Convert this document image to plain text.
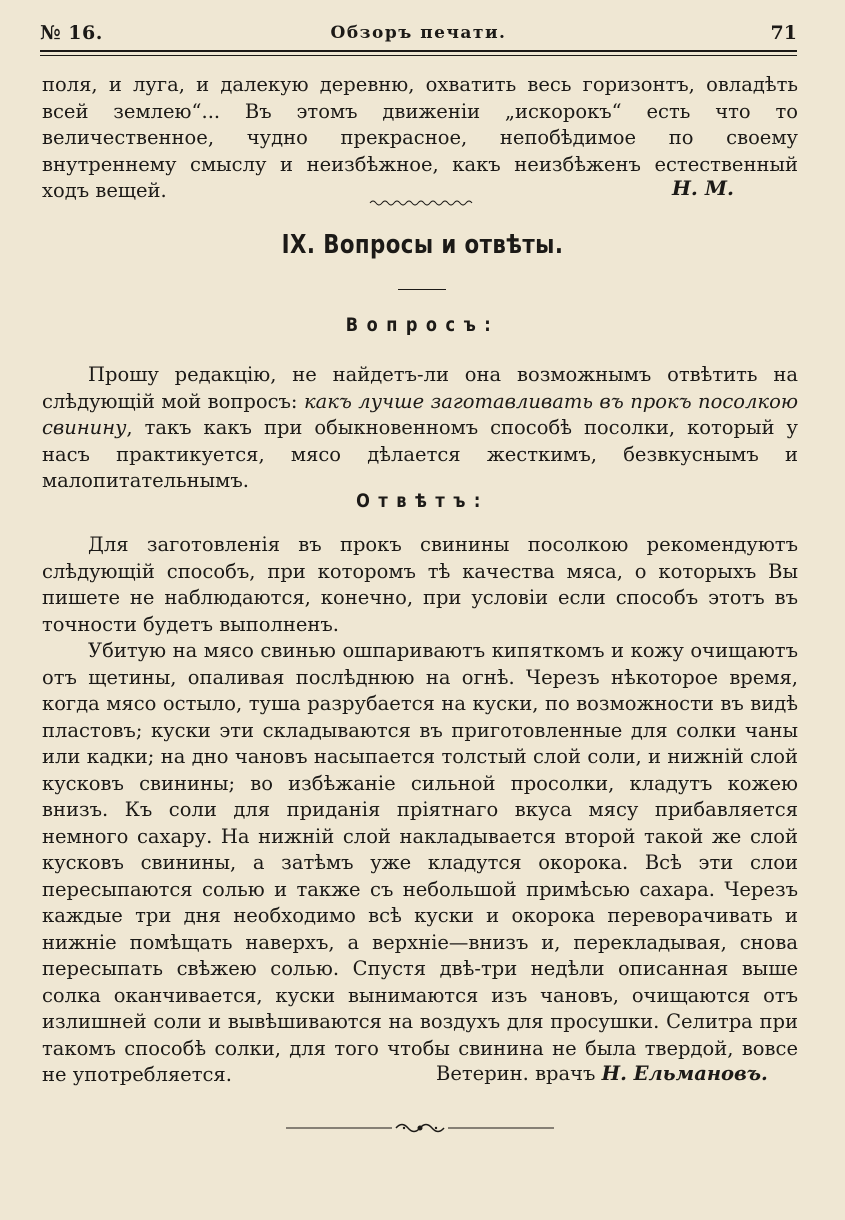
№ 16.	Обзоръ печати.	71

поля, и луга, и далекую деревню, охватить весь горизонтъ, овладѣть всей землею“... Въ этомъ движеніи „искорокъ“ есть что то величественное, чудно прекрасное, непобѣдимое по своему внутреннему смыслу и неизбѣжное, какъ неизбѣженъ естественный ходъ вещей.	Н. М.
IX. Вопросы и отвѣты.
Вопросъ:

Прошу редакцію, не найдетъ-ли она возможнымъ отвѣтить на слѣдующій мой вопросъ: какъ лучше заготавливать въ прокъ посолкою свинину, такъ какъ при обыкновенномъ способѣ посолки, который у насъ практикуется, мясо дѣлается жесткимъ, безвкуснымъ и малопитательнымъ.

Отвѣтъ:

Для заготовленія въ прокъ свинины посолкою рекомендуютъ слѣдующій способъ, при которомъ тѣ качества мяса, о которыхъ Вы пишете не наблюдаются, конечно, при условіи если способъ этотъ въ точности будетъ выполненъ.

Убитую на мясо свинью ошпариваютъ кипяткомъ и кожу очищаютъ отъ щетины, опаливая послѣднюю на огнѣ. Черезъ нѣкоторое время, когда мясо остыло, туша разрубается на куски, по возможности въ видѣ пластовъ; куски эти складываются въ приготовленные для солки чаны или кадки; на дно чановъ насыпается толстый слой соли, и нижній слой кусковъ свинины; во избѣжаніе сильной просолки, кладутъ кожею внизъ. Къ соли для приданія пріятнаго вкуса мясу прибавляется немного сахару. На нижній слой накладывается второй такой же слой кусковъ свинины, а затѣмъ уже кладутся окорока. Всѣ эти слои пересыпаются солью и также съ небольшой примѣсью сахара. Черезъ каждые три дня необходимо всѣ куски и окорока переворачивать и нижніе помѣщать наверхъ, а верхніе—внизъ и, перекладывая, снова пересыпать свѣжею солью. Спустя двѣ-три недѣли описанная выше солка оканчивается, куски вынимаются изъ чановъ, очищаются отъ излишней соли и вывѣшиваются на воздухъ для просушки. Селитра при такомъ способѣ солки, для того чтобы свинина не была твердой, вовсе не употребляется.	Ветерин. врачъ Н. Ельмановъ.
